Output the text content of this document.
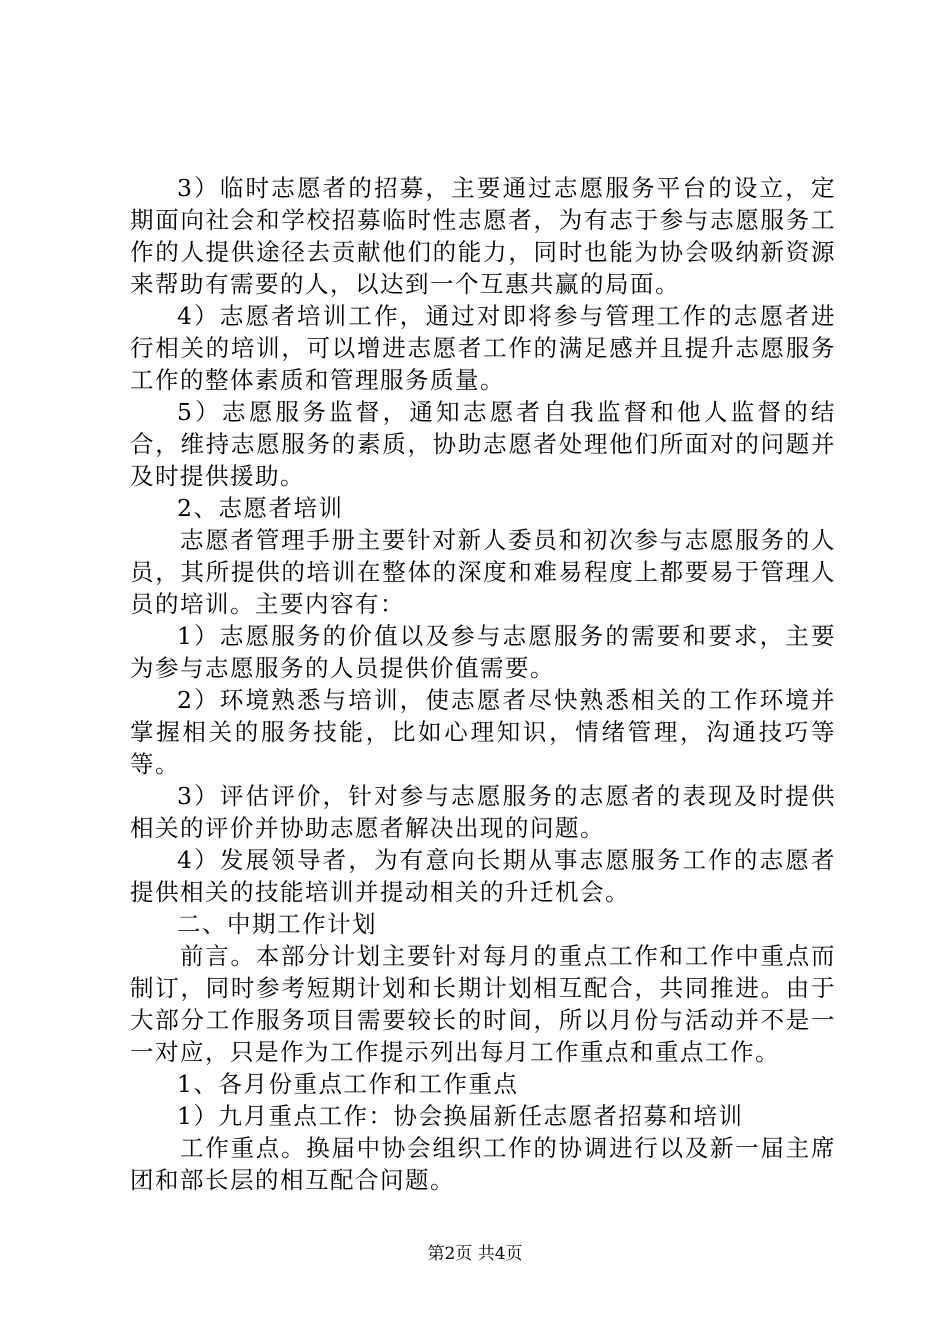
3）临时志愿者的招募，主要通过志愿服务平台的设立，定期面向社会和学校招募临时性志愿者，为有志于参与志愿服务工作的人提供途径去贡献他们的能力，同时也能为协会吸纳新资源来帮助有需要的人，以达到一个互惠共赢的局面。

4）志愿者培训工作，通过对即将参与管理工作的志愿者进行相关的培训，可以增进志愿者工作的满足感并且提升志愿服务工作的整体素质和管理服务质量。

5）志愿服务监督，通知志愿者自我监督和他人监督的结合，维持志愿服务的素质，协助志愿者处理他们所面对的问题并及时提供援助。

2、志愿者培训

志愿者管理手册主要针对新人委员和初次参与志愿服务的人员，其所提供的培训在整体的深度和难易程度上都要易于管理人员的培训。主要内容有：

1）志愿服务的价值以及参与志愿服务的需要和要求，主要为参与志愿服务的人员提供价值需要。

2）环境熟悉与培训，使志愿者尽快熟悉相关的工作环境并掌握相关的服务技能，比如心理知识，情绪管理，沟通技巧等等。

3）评估评价，针对参与志愿服务的志愿者的表现及时提供相关的评价并协助志愿者解决出现的问题。

4）发展领导者，为有意向长期从事志愿服务工作的志愿者提供相关的技能培训并提动相关的升迁机会。

二、中期工作计划

前言。本部分计划主要针对每月的重点工作和工作中重点而制订，同时参考短期计划和长期计划相互配合，共同推进。由于大部分工作服务项目需要较长的时间，所以月份与活动并不是一一对应，只是作为工作提示列出每月工作重点和重点工作。

1、各月份重点工作和工作重点

1）九月重点工作：协会换届新任志愿者招募和培训

工作重点。换届中协会组织工作的协调进行以及新一届主席团和部长层的相互配合问题。

第2页 共4页
